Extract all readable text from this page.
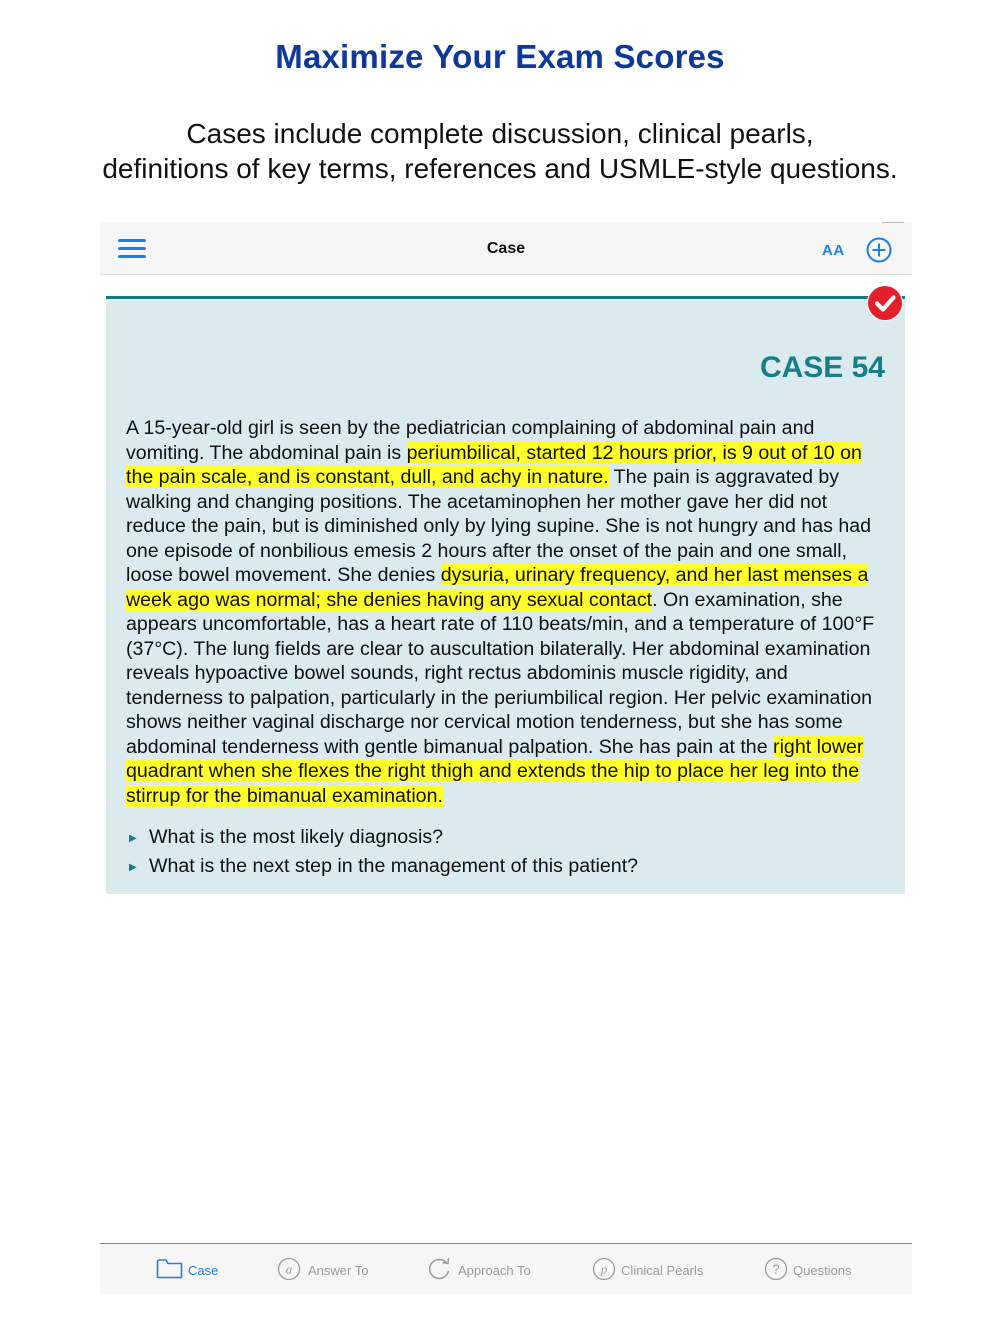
Maximize Your Exam Scores
Cases include complete discussion, clinical pearls,
definitions of key terms, references and USMLE-style questions.
Case	AA
CASE 54
A 15-year-old girl is seen by the pediatrician complaining of abdominal pain and vomiting. The abdominal pain is periumbilical, started 12 hours prior, is 9 out of 10 on the pain scale, and is constant, dull, and achy in nature. The pain is aggravated by walking and changing positions. The acetaminophen her mother gave her did not reduce the pain, but is diminished only by lying supine. She is not hungry and has had one episode of nonbilious emesis 2 hours after the onset of the pain and one small, loose bowel movement. She denies dysuria, urinary frequency, and her last menses a week ago was normal; she denies having any sexual contact. On examination, she appears uncomfortable, has a heart rate of 110 beats/min, and a temperature of 100°F (37°C). The lung fields are clear to auscultation bilaterally. Her abdominal examination reveals hypoactive bowel sounds, right rectus abdominis muscle rigidity, and tenderness to palpation, particularly in the periumbilical region. Her pelvic examination shows neither vaginal discharge nor cervical motion tenderness, but she has some abdominal tenderness with gentle bimanual palpation. She has pain at the right lower quadrant when she flexes the right thigh and extends the hip to place her leg into the stirrup for the bimanual examination.
▶ What is the most likely diagnosis?
▶ What is the next step in the management of this patient?
Case	a Answer To	Approach To	p Clinical Pearls	? Questions
